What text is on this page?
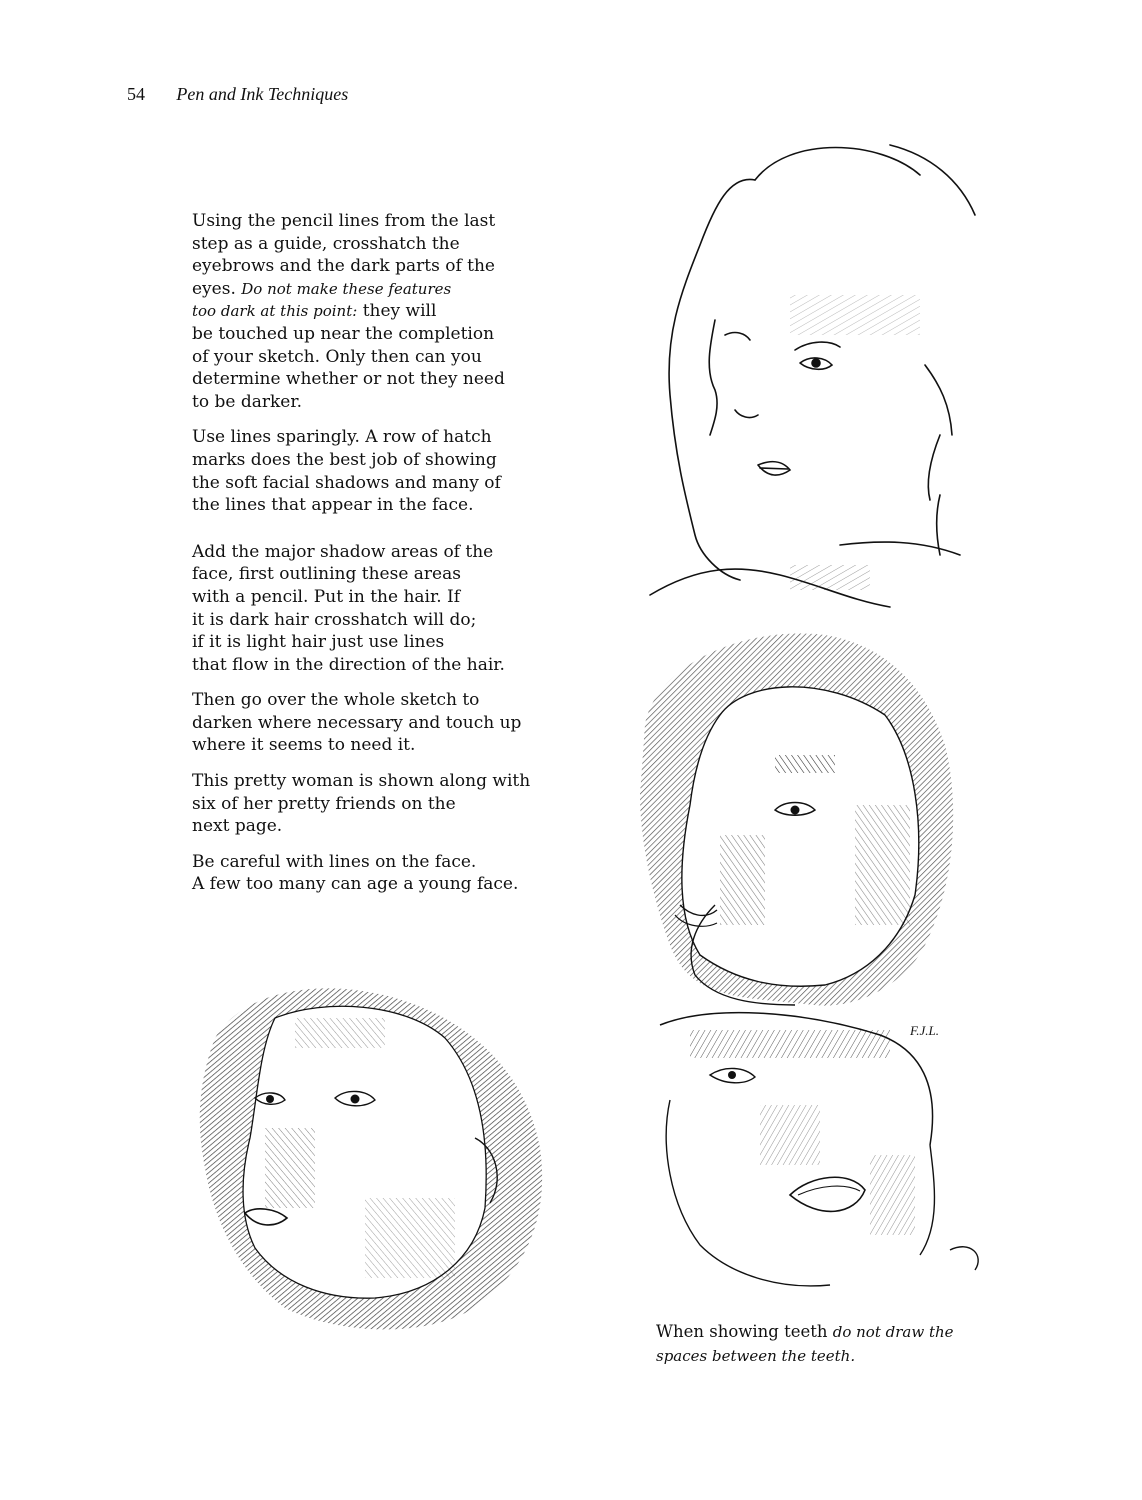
54 Pen and Ink Techniques

Using the pencil lines from the last
step as a guide, crosshatch the
eyebrows and the dark parts of the
eyes. Do not make these features
too dark at this point: they will
be touched up near the completion
of your sketch. Only then can you
determine whether or not they need
to be darker.

Use lines sparingly. A row of hatch
marks does the best job of showing
the soft facial shadows and many of
the lines that appear in the face.

Add the major shadow areas of the
face, first outlining these areas
with a pencil. Put in the hair. If
it is dark hair crosshatch will do;
if it is light hair just use lines
that flow in the direction of the hair.

Then go over the whole sketch to
darken where necessary and touch up
where it seems to need it.

This pretty woman is shown along with
six of her pretty friends on the
next page.

Be careful with lines on the face.
A few too many can age a young face.

F.J.L.
When showing teeth do not draw the
spaces between the teeth.
